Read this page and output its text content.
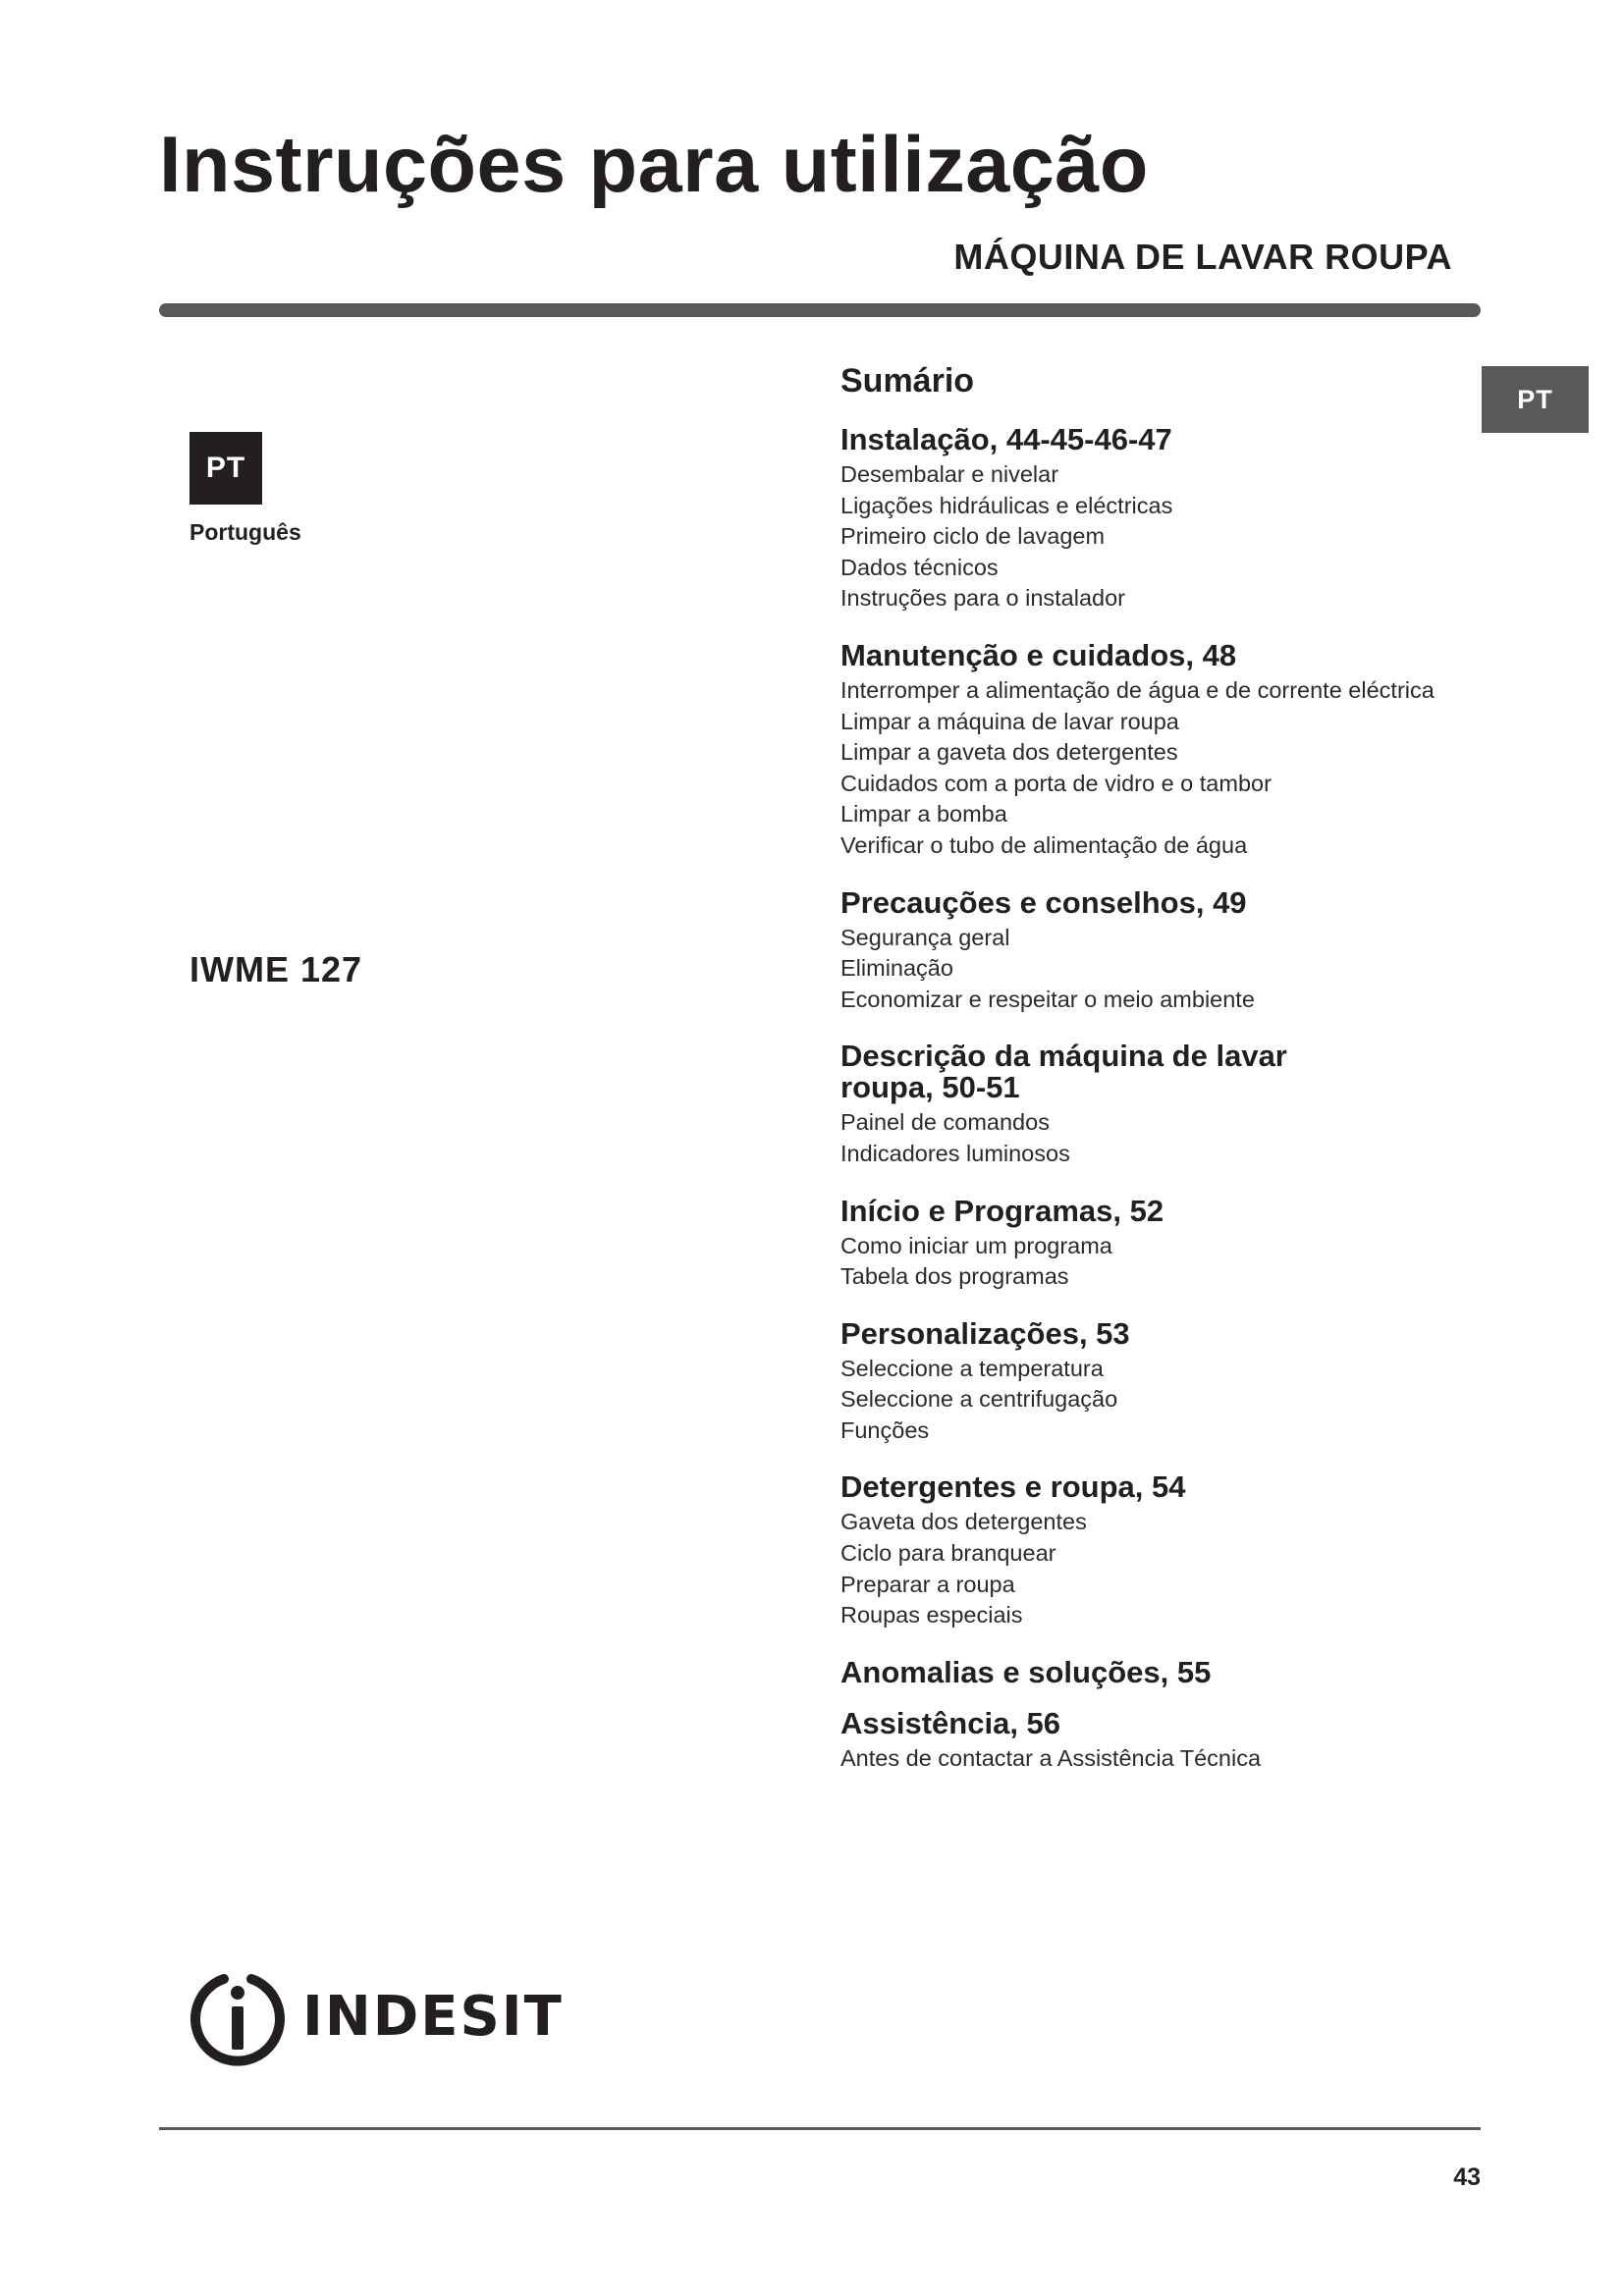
Instruções para utilização
MÁQUINA DE LAVAR ROUPA
PT
PT
Português
IWME 127
Sumário
Instalação, 44-45-46-47
Desembalar e nivelar
Ligações hidráulicas e eléctricas
Primeiro ciclo de lavagem
Dados técnicos
Instruções para o instalador
Manutenção e cuidados, 48
Interromper a alimentação de água e de corrente eléctrica
Limpar a máquina de lavar roupa
Limpar a gaveta dos detergentes
Cuidados com a porta de vidro e o tambor
Limpar a bomba
Verificar o tubo de alimentação de água
Precauções e conselhos, 49
Segurança geral
Eliminação
Economizar e respeitar o meio ambiente
Descrição da máquina de lavar roupa, 50-51
Painel de comandos
Indicadores luminosos
Início e Programas, 52
Como iniciar um programa
Tabela dos programas
Personalizações, 53
Seleccione a temperatura
Seleccione a centrifugação
Funções
Detergentes e roupa, 54
Gaveta dos detergentes
Ciclo para branquear
Preparar a roupa
Roupas especiais
Anomalias e soluções, 55
Assistência, 56
Antes de contactar a Assistência Técnica
INDESIT
43
